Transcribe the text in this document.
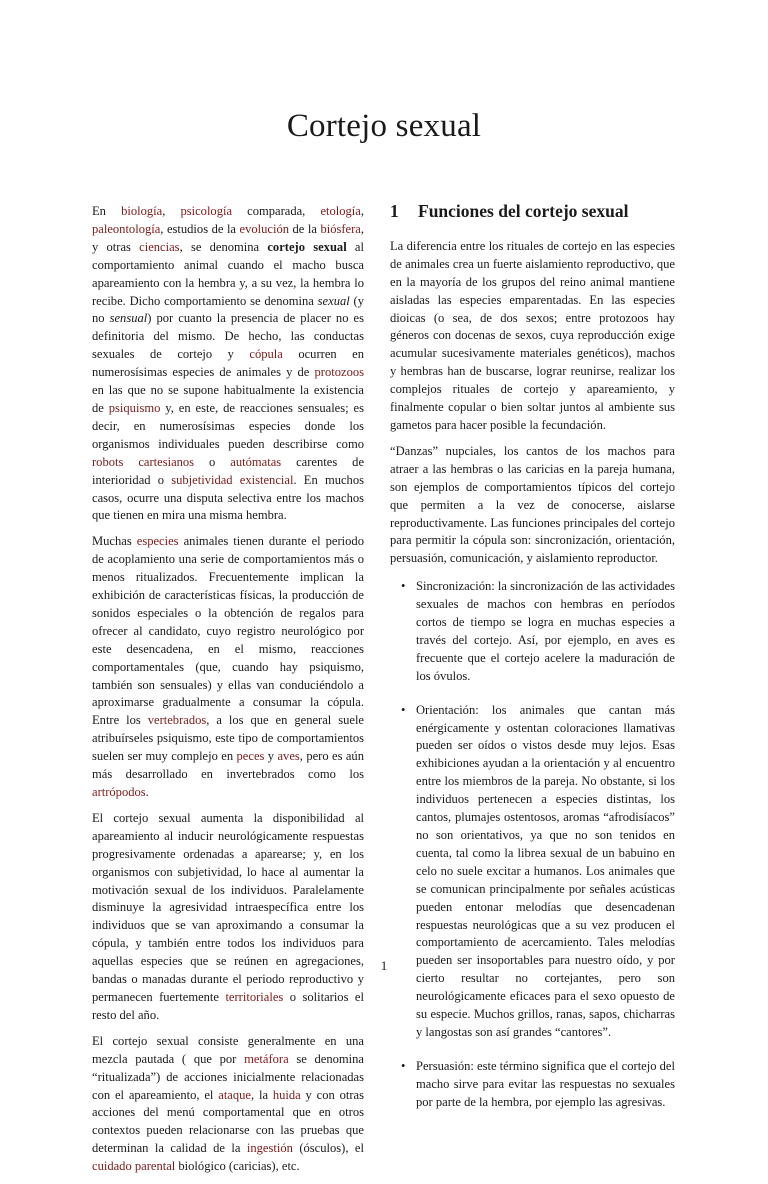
Cortejo sexual

En biología, psicología comparada, etología, paleontología, estudios de la evolución de la biósfera, y otras ciencias, se denomina cortejo sexual al comportamiento animal cuando el macho busca apareamiento con la hembra y, a su vez, la hembra lo recibe. Dicho comportamiento se denomina sexual (y no sensual) por cuanto la presencia de placer no es definitoria del mismo. De hecho, las conductas sexuales de cortejo y cópula ocurren en numerosísimas especies de animales y de protozoos en las que no se supone habitualmente la existencia de psiquismo y, en este, de reacciones sensuales; es decir, en numerosísimas especies donde los organismos individuales pueden describirse como robots cartesianos o autómatas carentes de interioridad o subjetividad existencial. En muchos casos, ocurre una disputa selectiva entre los machos que tienen en mira una misma hembra.

Muchas especies animales tienen durante el periodo de acoplamiento una serie de comportamientos más o menos ritualizados. Frecuentemente implican la exhibición de características físicas, la producción de sonidos especiales o la obtención de regalos para ofrecer al candidato, cuyo registro neurológico por este desencadena, en el mismo, reacciones comportamentales (que, cuando hay psiquismo, también son sensuales) y ellas van conduciéndolo a aproximarse gradualmente a consumar la cópula. Entre los vertebrados, a los que en general suele atribuírseles psiquismo, este tipo de comportamientos suelen ser muy complejo en peces y aves, pero es aún más desarrollado en invertebrados como los artrópodos.

El cortejo sexual aumenta la disponibilidad al apareamiento al inducir neurológicamente respuestas progresivamente ordenadas a aparearse; y, en los organismos con subjetividad, lo hace al aumentar la motivación sexual de los individuos. Paralelamente disminuye la agresividad intraespecífica entre los individuos que se van aproximando a consumar la cópula, y también entre todos los individuos para aquellas especies que se reúnen en agregaciones, bandas o manadas durante el periodo reproductivo y permanecen fuertemente territoriales o solitarios el resto del año.

El cortejo sexual consiste generalmente en una mezcla pautada ( que por metáfora se denomina “ritualizada”) de acciones inicialmente relacionadas con el apareamiento, el ataque, la huida y con otras acciones del menú comportamental que en otros contextos pueden relacionarse con las pruebas que determinan la calidad de la ingestión (ósculos), el cuidado parental biológico (caricias), etc.

1	Funciones del cortejo sexual

La diferencia entre los rituales de cortejo en las especies de animales crea un fuerte aislamiento reproductivo, que en la mayoría de los grupos del reino animal mantiene aisladas las especies emparentadas. En las especies dioicas (o sea, de dos sexos; entre protozoos hay géneros con docenas de sexos, cuya reproducción exige acumular sucesivamente materiales genéticos), machos y hembras han de buscarse, lograr reunirse, realizar los complejos rituales de cortejo y apareamiento, y finalmente copular o bien soltar juntos al ambiente sus gametos para hacer posible la fecundación.

“Danzas” nupciales, los cantos de los machos para atraer a las hembras o las caricias en la pareja humana, son ejemplos de comportamientos típicos del cortejo que permiten a la vez de conocerse, aislarse reproductivamente. Las funciones principales del cortejo para permitir la cópula son: sincronización, orientación, persuasión, comunicación, y aislamiento reproductor.

• Sincronización: la sincronización de las actividades sexuales de machos con hembras en períodos cortos de tiempo se logra en muchas especies a través del cortejo. Así, por ejemplo, en aves es frecuente que el cortejo acelere la maduración de los óvulos.
• Orientación: los animales que cantan más enérgicamente y ostentan coloraciones llamativas pueden ser oídos o vistos desde muy lejos. Esas exhibiciones ayudan a la orientación y al encuentro entre los miembros de la pareja. No obstante, si los individuos pertenecen a especies distintas, los cantos, plumajes ostentosos, aromas “afrodisíacos” no son orientativos, ya que no son tenidos en cuenta, tal como la librea sexual de un babuino en celo no suele excitar a humanos. Los animales que se comunican principalmente por señales acústicas pueden entonar melodías que desencadenan respuestas neurológicas que a su vez producen el comportamiento de acercamiento. Tales melodías pueden ser insoportables para nuestro oído, y por cierto resultar no cortejantes, pero son neurológicamente eficaces para el sexo opuesto de su especie. Muchos grillos, ranas, sapos, chicharras y langostas son así grandes “cantores”.
• Persuasión: este término significa que el cortejo del macho sirve para evitar las respuestas no sexuales por parte de la hembra, por ejemplo las agresivas.
1
